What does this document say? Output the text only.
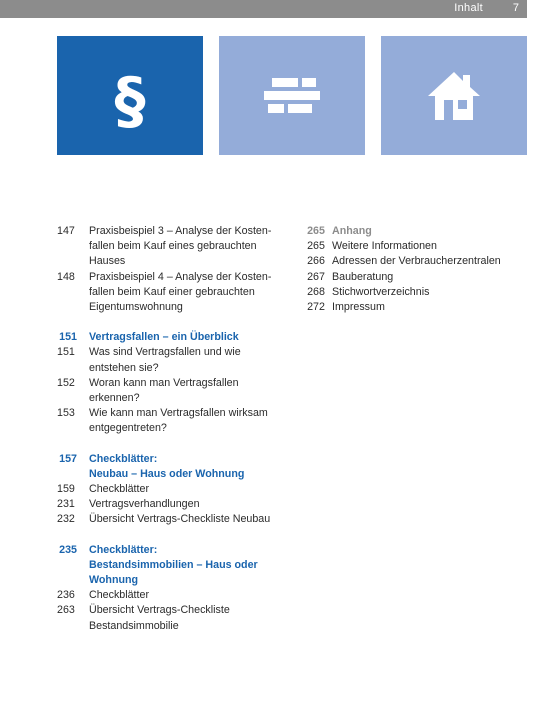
Inhalt	7
§
147	Praxisbeispiel 3 – Analyse der Kosten-
fallen beim Kauf eines gebrauchten
Hauses
148	Praxisbeispiel 4 – Analyse der Kosten-
fallen beim Kauf einer gebrauchten
Eigentumswohnung
151	Vertragsfallen – ein Überblick
151	Was sind Vertragsfallen und wie
entstehen sie?
152	Woran kann man Vertragsfallen
erkennen?
153	Wie kann man Vertragsfallen wirksam
entgegentreten?
157	Checkblätter:
Neubau – Haus oder Wohnung
159	Checkblätter
231	Vertragsverhandlungen
232	Übersicht Vertrags-Checkliste Neubau
235	Checkblätter:
Bestandsimmobilien – Haus oder
Wohnung
236	Checkblätter
263	Übersicht Vertrags-Checkliste
Bestandsimmobilie
265 Anhang
265 Weitere Informationen
266 Adressen der Verbraucherzentralen
267 Bauberatung
268 Stichwortverzeichnis
272 Impressum
